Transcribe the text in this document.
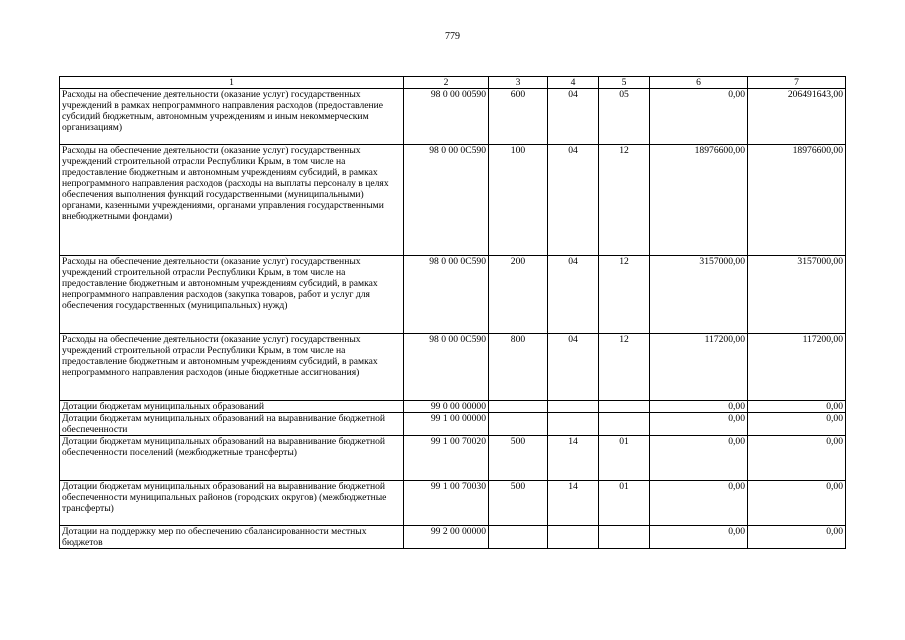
779
1	2	3	4	5	6	7
Расходы на обеспечение деятельности (оказание услуг) государственных учреждений в рамках непрограммного направления расходов (предоставление субсидий бюджетным, автономным учреждениям и иным некоммерческим организациям)	98 0 00 00590	600	04	05	0,00	206491643,00
Расходы на обеспечение деятельности (оказание услуг) государственных учреждений строительной отрасли Республики Крым, в том числе на предоставление бюджетным и автономным учреждениям субсидий, в рамках непрограммного направления расходов (расходы на выплаты персоналу в целях обеспечения выполнения функций государственными (муниципальными) органами, казенными учреждениями, органами управления государственными внебюджетными фондами)	98 0 00 0С590	100	04	12	18976600,00	18976600,00
Расходы на обеспечение деятельности (оказание услуг) государственных учреждений строительной отрасли Республики Крым, в том числе на предоставление бюджетным и автономным учреждениям субсидий, в рамках непрограммного направления расходов (закупка товаров, работ и услуг для обеспечения государственных (муниципальных) нужд)	98 0 00 0С590	200	04	12	3157000,00	3157000,00
Расходы на обеспечение деятельности (оказание услуг) государственных учреждений строительной отрасли Республики Крым, в том числе на предоставление бюджетным и автономным учреждениям субсидий, в рамках непрограммного направления расходов (иные бюджетные ассигнования)	98 0 00 0С590	800	04	12	117200,00	117200,00
Дотации бюджетам муниципальных образований	99 0 00 00000				0,00	0,00
Дотации бюджетам муниципальных образований на выравнивание бюджетной обеспеченности	99 1 00 00000				0,00	0,00
Дотации бюджетам муниципальных образований на выравнивание бюджетной обеспеченности поселений (межбюджетные трансферты)	99 1 00 70020	500	14	01	0,00	0,00
Дотации бюджетам муниципальных образований на выравнивание бюджетной обеспеченности муниципальных районов (городских округов) (межбюджетные трансферты)	99 1 00 70030	500	14	01	0,00	0,00
Дотации на поддержку мер по обеспечению сбалансированности местных бюджетов	99 2 00 00000				0,00	0,00
